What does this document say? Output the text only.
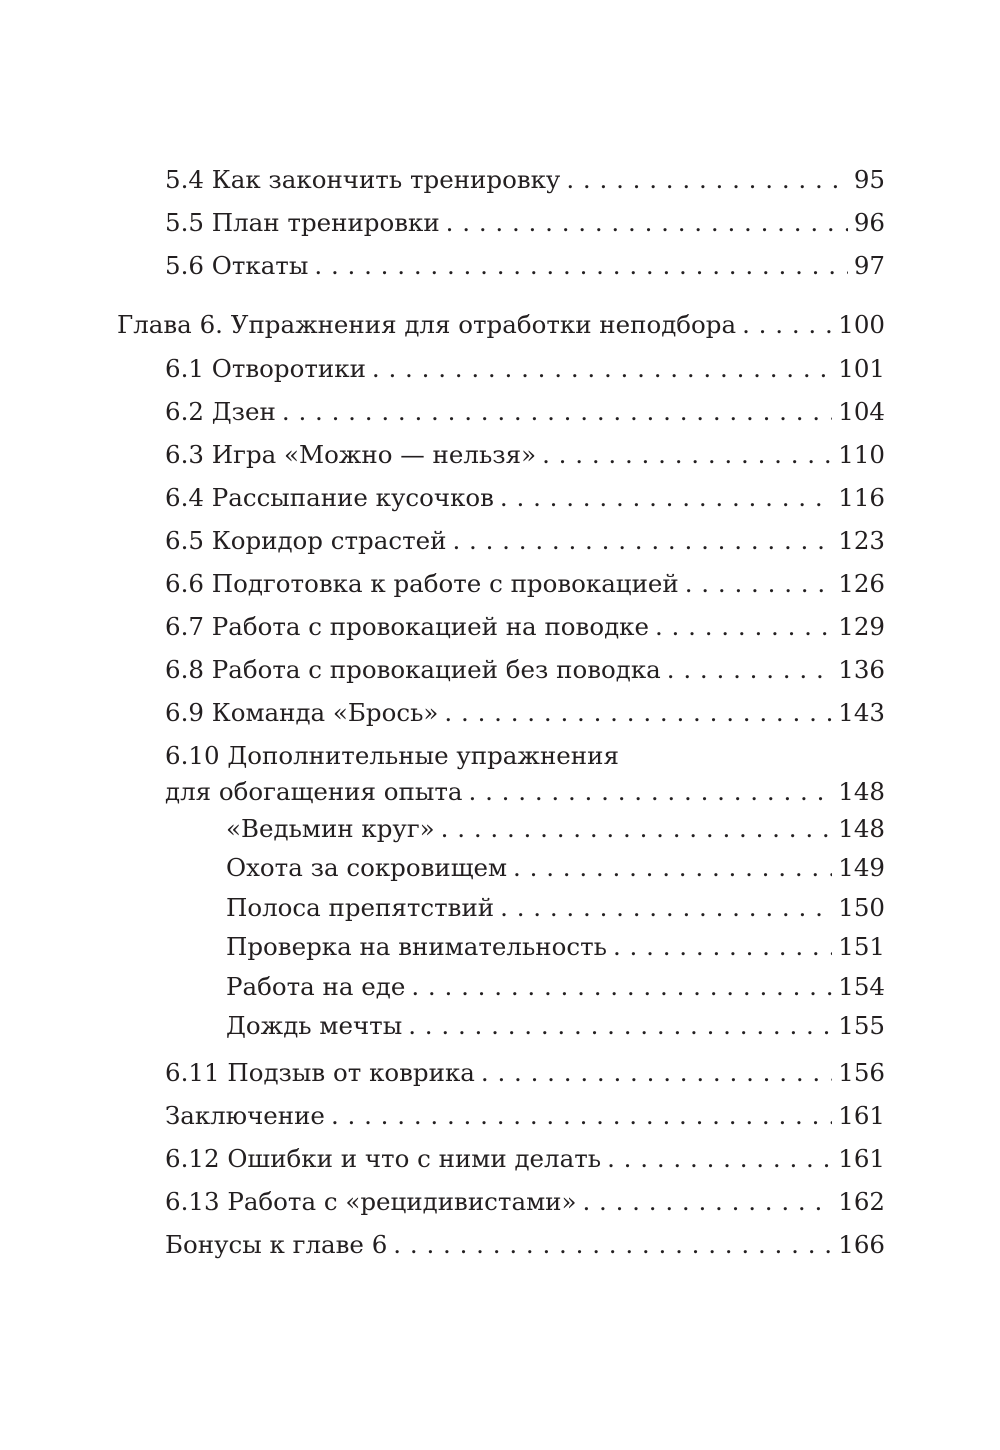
5.4 Как закончить тренировку . . .	95
5.5 План тренировки . . .	96
5.6 Откаты . . .	97
Глава 6. Упражнения для отработки неподбора . . .	100
6.1 Отворотики . . .	101
6.2 Дзен . . .	104
6.3 Игра «Можно — нельзя» . . .	110
6.4 Рассыпание кусочков . . .	116
6.5 Коридор страстей . . .	123
6.6 Подготовка к работе с провокацией . . .	126
6.7 Работа с провокацией на поводке . . .	129
6.8 Работа с провокацией без поводка . . .	136
6.9 Команда «Брось» . . .	143
6.10 Дополнительные упражнения
для обогащения опыта . . .	148
«Ведьмин круг» . . .	148
Охота за сокровищем . . .	149
Полоса препятствий . . .	150
Проверка на внимательность . . .	151
Работа на еде . . .	154
Дождь мечты . . .	155
6.11 Подзыв от коврика . . .	156
Заключение . . .	161
6.12 Ошибки и что с ними делать . . .	161
6.13 Работа с «рецидивистами» . . .	162
Бонусы к главе 6 . . .	166
